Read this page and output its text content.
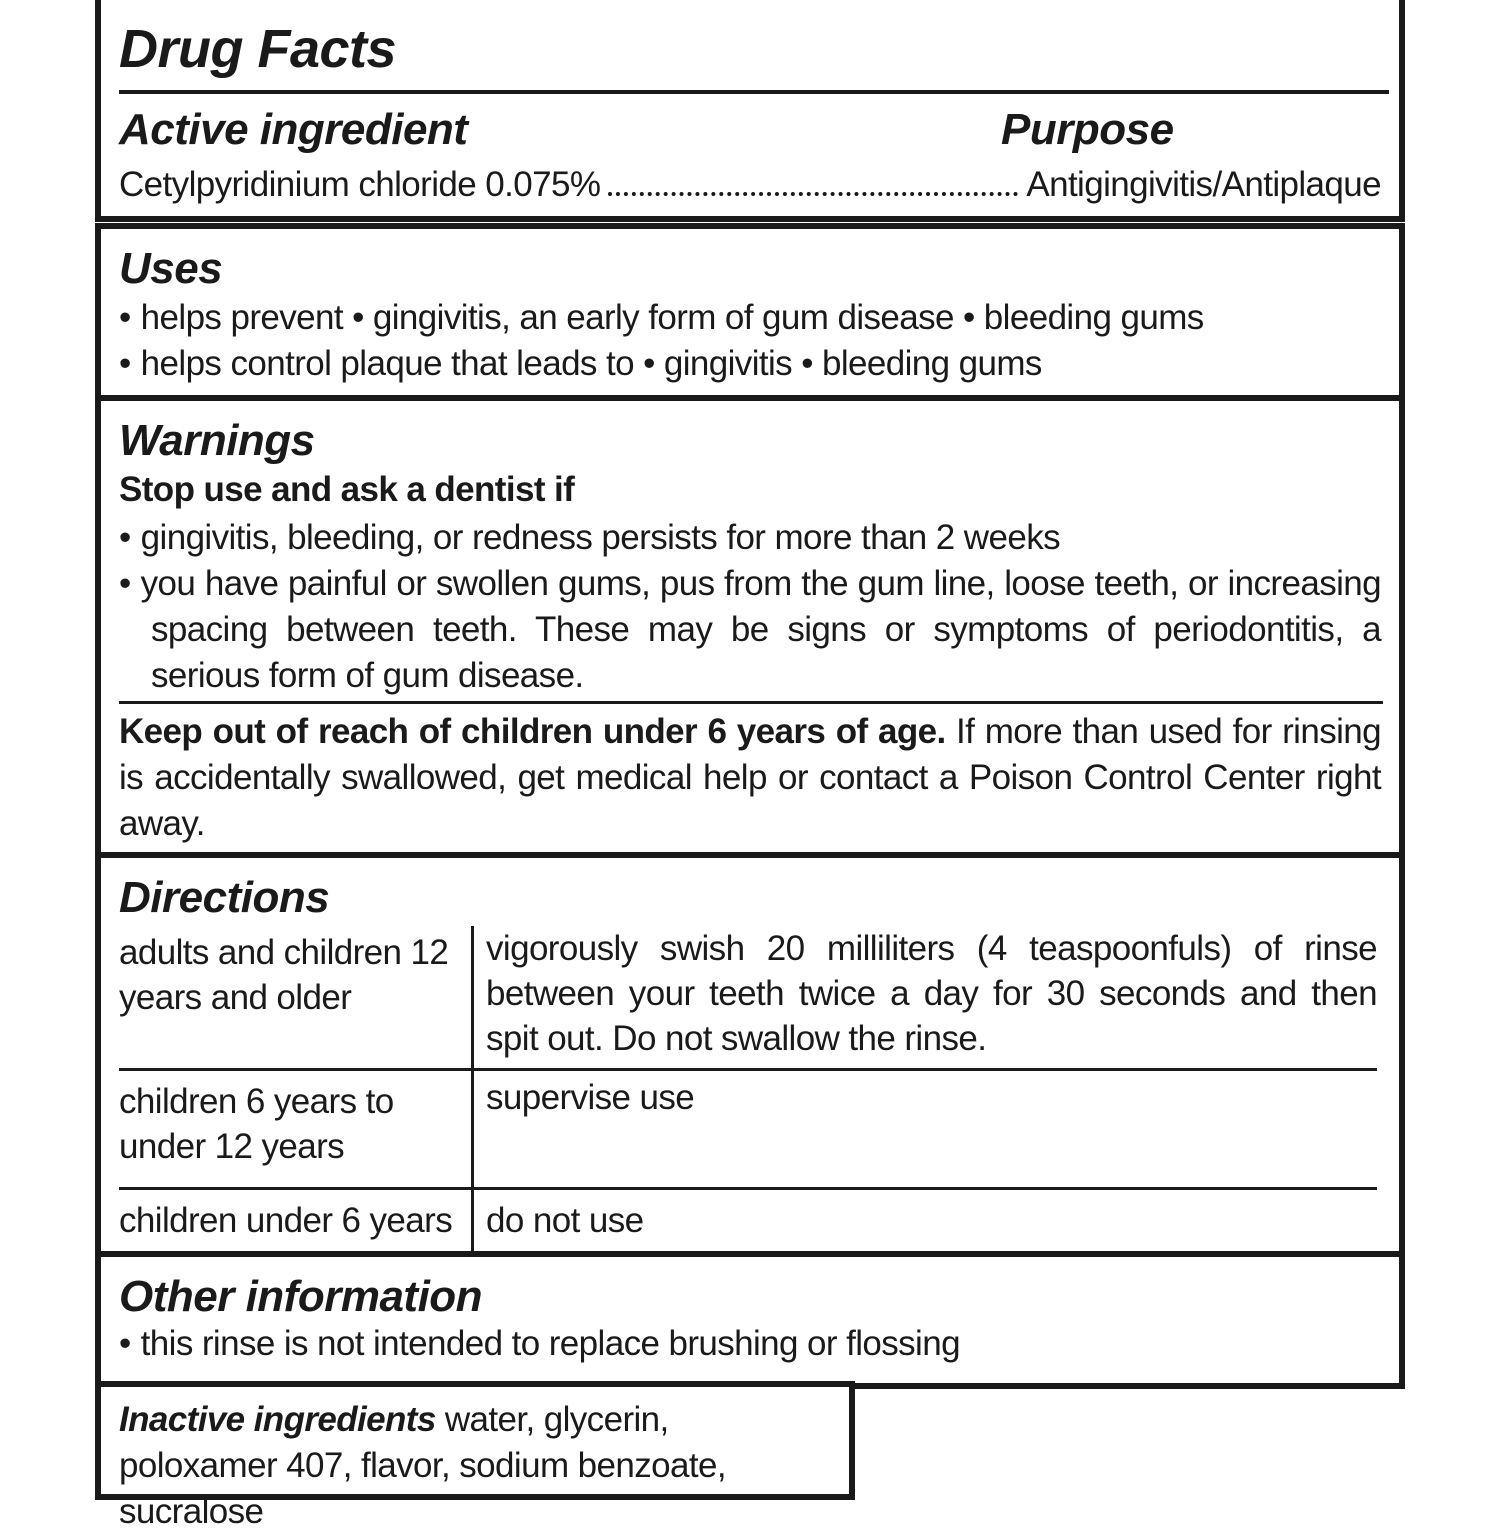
Drug Facts
Active ingredient	Purpose
Cetylpyridinium chloride 0.075%	Antigingivitis/Antiplaque
Uses
• helps prevent • gingivitis, an early form of gum disease • bleeding gums
• helps control plaque that leads to • gingivitis • bleeding gums
Warnings
Stop use and ask a dentist if
• gingivitis, bleeding, or redness persists for more than 2 weeks
• you have painful or swollen gums, pus from the gum line, loose teeth, or increasing spacing between teeth. These may be signs or symptoms of periodontitis, a serious form of gum disease.
Keep out of reach of children under 6 years of age. If more than used for rinsing is accidentally swallowed, get medical help or contact a Poison Control Center right away.
Directions
adults and children 12 years and older	vigorously swish 20 milliliters (4 teaspoonfuls) of rinse between your teeth twice a day for 30 seconds and then spit out. Do not swallow the rinse.
children 6 years to under 12 years	supervise use
children under 6 years	do not use
Other information
• this rinse is not intended to replace brushing or flossing
Inactive ingredients water, glycerin, poloxamer 407, flavor, sodium benzoate, sucralose
